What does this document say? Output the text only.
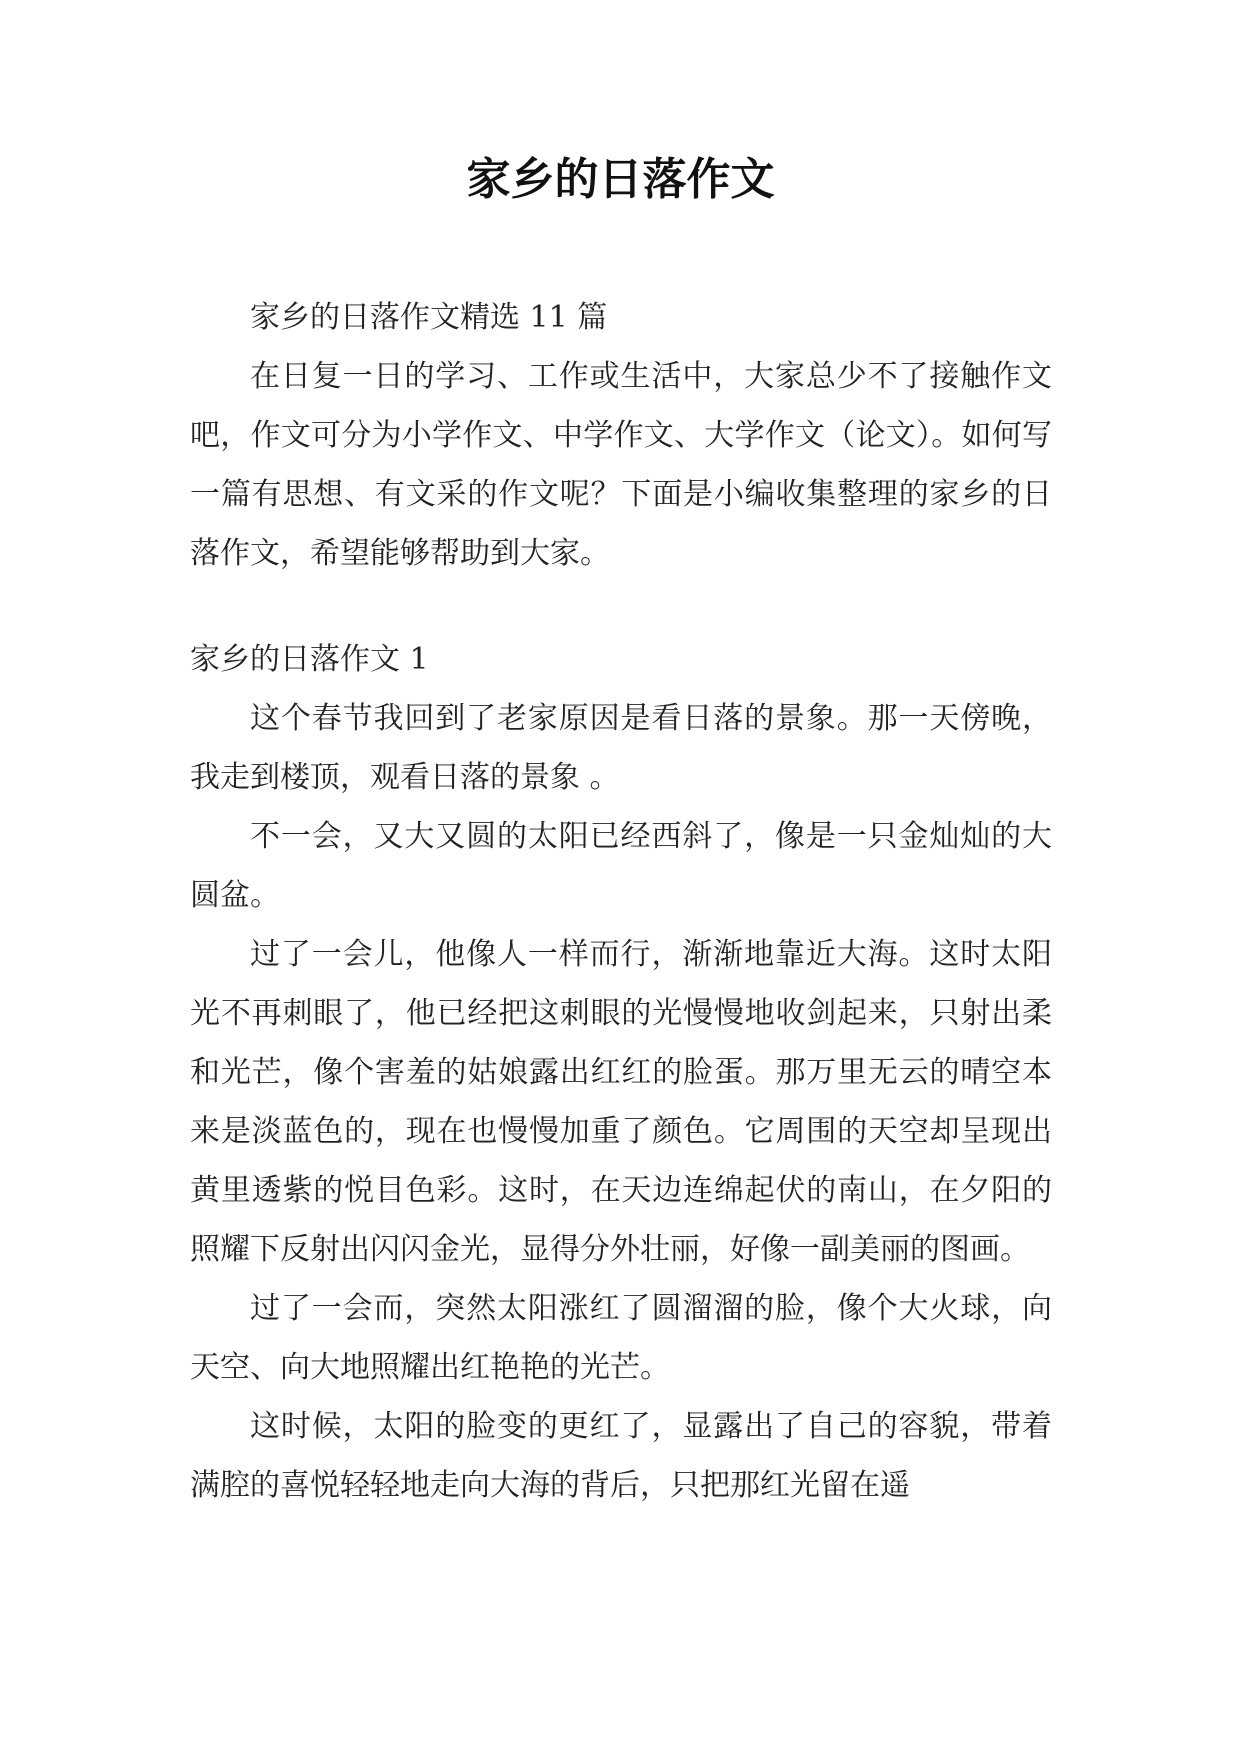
家乡的日落作文

家乡的日落作文精选 11 篇

在日复一日的学习、工作或生活中，大家总少不了接触作文吧，作文可分为小学作文、中学作文、大学作文（论文）。如何写一篇有思想、有文采的作文呢？下面是小编收集整理的家乡的日落作文，希望能够帮助到大家。

家乡的日落作文 1

这个春节我回到了老家原因是看日落的景象。那一天傍晚，我走到楼顶，观看日落的景象 。

不一会，又大又圆的太阳已经西斜了，像是一只金灿灿的大圆盆。

过了一会儿，他像人一样而行，渐渐地靠近大海。这时太阳光不再刺眼了，他已经把这刺眼的光慢慢地收剑起来，只射出柔和光芒，像个害羞的姑娘露出红红的脸蛋。那万里无云的晴空本来是淡蓝色的，现在也慢慢加重了颜色。它周围的天空却呈现出黄里透紫的悦目色彩。这时，在天边连绵起伏的南山，在夕阳的照耀下反射出闪闪金光，显得分外壮丽，好像一副美丽的图画。

过了一会而，突然太阳涨红了圆溜溜的脸，像个大火球，向天空、向大地照耀出红艳艳的光芒。

这时候，太阳的脸变的更红了，显露出了自己的容貌，带着满腔的喜悦轻轻地走向大海的背后，只把那红光留在遥
